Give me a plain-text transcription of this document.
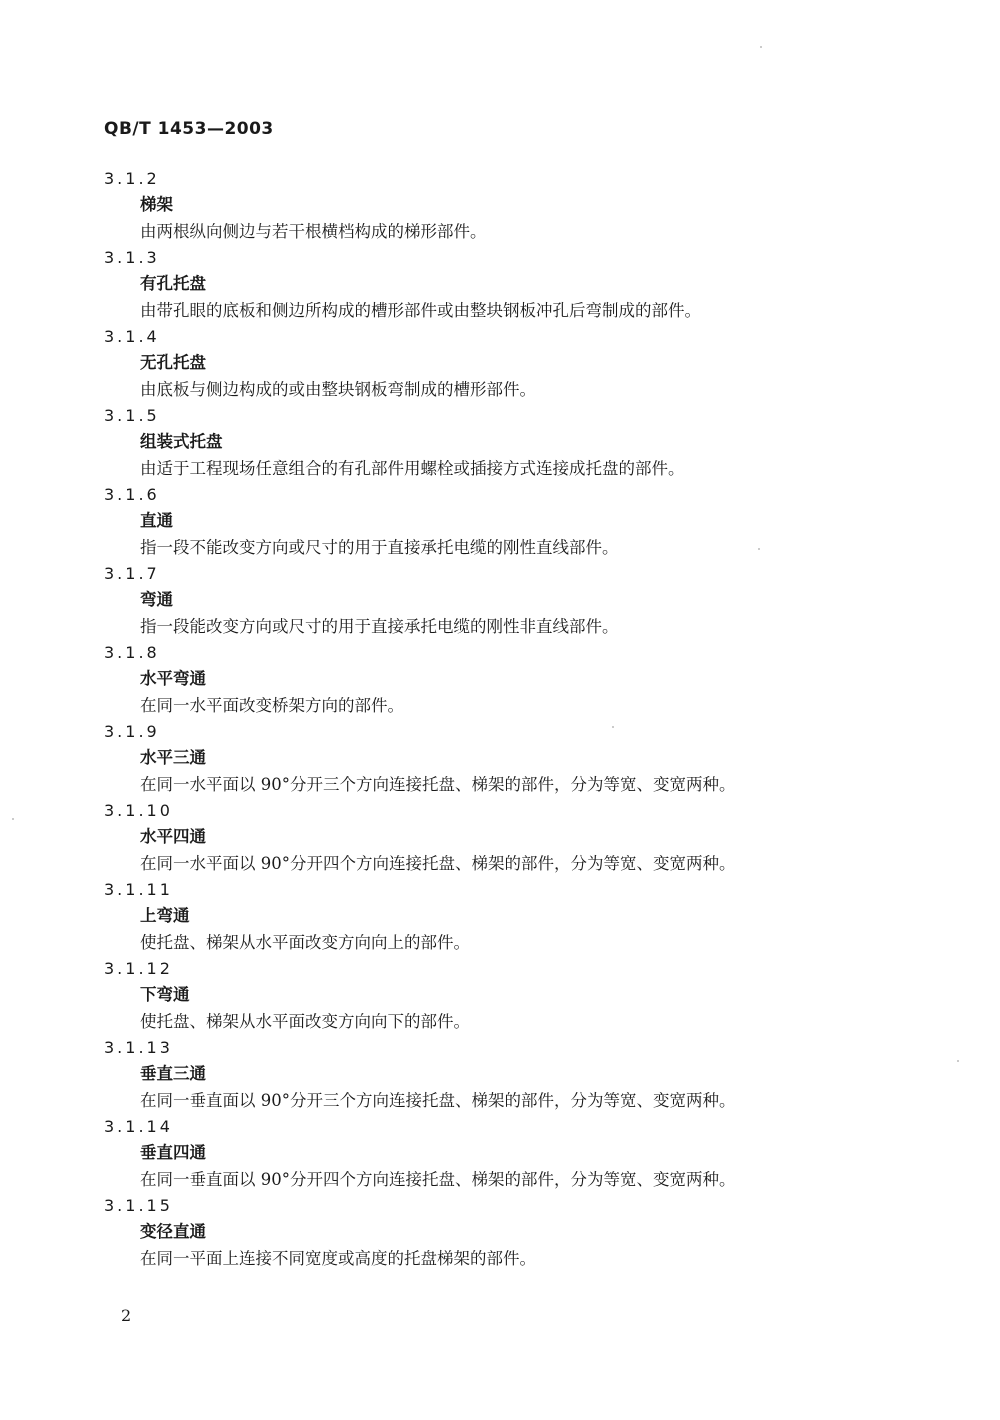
QB/T 1453—2003
3.1.2
梯架
由两根纵向侧边与若干根横档构成的梯形部件。
3.1.3
有孔托盘
由带孔眼的底板和侧边所构成的槽形部件或由整块钢板冲孔后弯制成的部件。
3.1.4
无孔托盘
由底板与侧边构成的或由整块钢板弯制成的槽形部件。
3.1.5
组装式托盘
由适于工程现场任意组合的有孔部件用螺栓或插接方式连接成托盘的部件。
3.1.6
直通
指一段不能改变方向或尺寸的用于直接承托电缆的刚性直线部件。
3.1.7
弯通
指一段能改变方向或尺寸的用于直接承托电缆的刚性非直线部件。
3.1.8
水平弯通
在同一水平面改变桥架方向的部件。
3.1.9
水平三通
在同一水平面以 90°分开三个方向连接托盘、梯架的部件，分为等宽、变宽两种。
3.1.10
水平四通
在同一水平面以 90°分开四个方向连接托盘、梯架的部件，分为等宽、变宽两种。
3.1.11
上弯通
使托盘、梯架从水平面改变方向向上的部件。
3.1.12
下弯通
使托盘、梯架从水平面改变方向向下的部件。
3.1.13
垂直三通
在同一垂直面以 90°分开三个方向连接托盘、梯架的部件，分为等宽、变宽两种。
3.1.14
垂直四通
在同一垂直面以 90°分开四个方向连接托盘、梯架的部件，分为等宽、变宽两种。
3.1.15
变径直通
在同一平面上连接不同宽度或高度的托盘梯架的部件。
2
